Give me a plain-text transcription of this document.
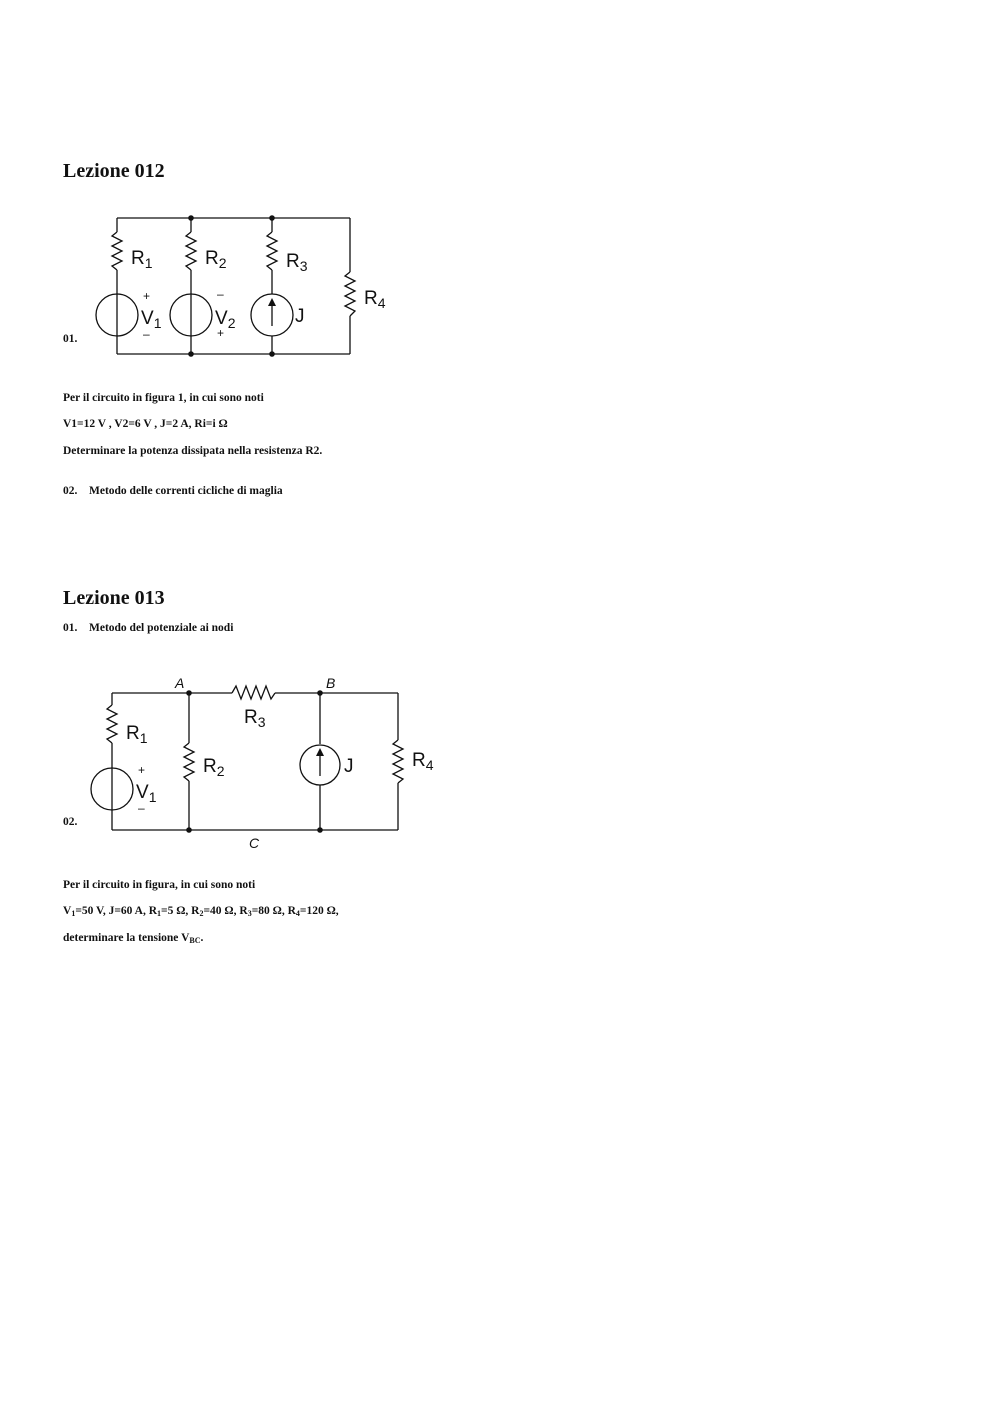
Lezione 012
01.
$R_1$	$R_2$	$R_3$
$R_4$
$V_1$	$V_2$	J
+
–
–
+
Per il circuito in figura 1, in cui sono noti
V1=12 V , V2=6 V , J=2 A, Ri=i Ω
Determinare la potenza dissipata nella resistenza R2.
02. Metodo delle correnti cicliche di maglia
Lezione 013
01. Metodo del potenziale ai nodi
02.
A	B
C
$R_3$
$R_1$
$R_2$	$R_4$
$V_1$
J
+
–
Per il circuito in figura, in cui sono noti
$V_1=50$ V, J=60 A, $R_1=5$ Ω, $R_2=40$ Ω, $R_3=80$ Ω, $R_4=120$ Ω,
determinare la tensione $V_{BC}$.
